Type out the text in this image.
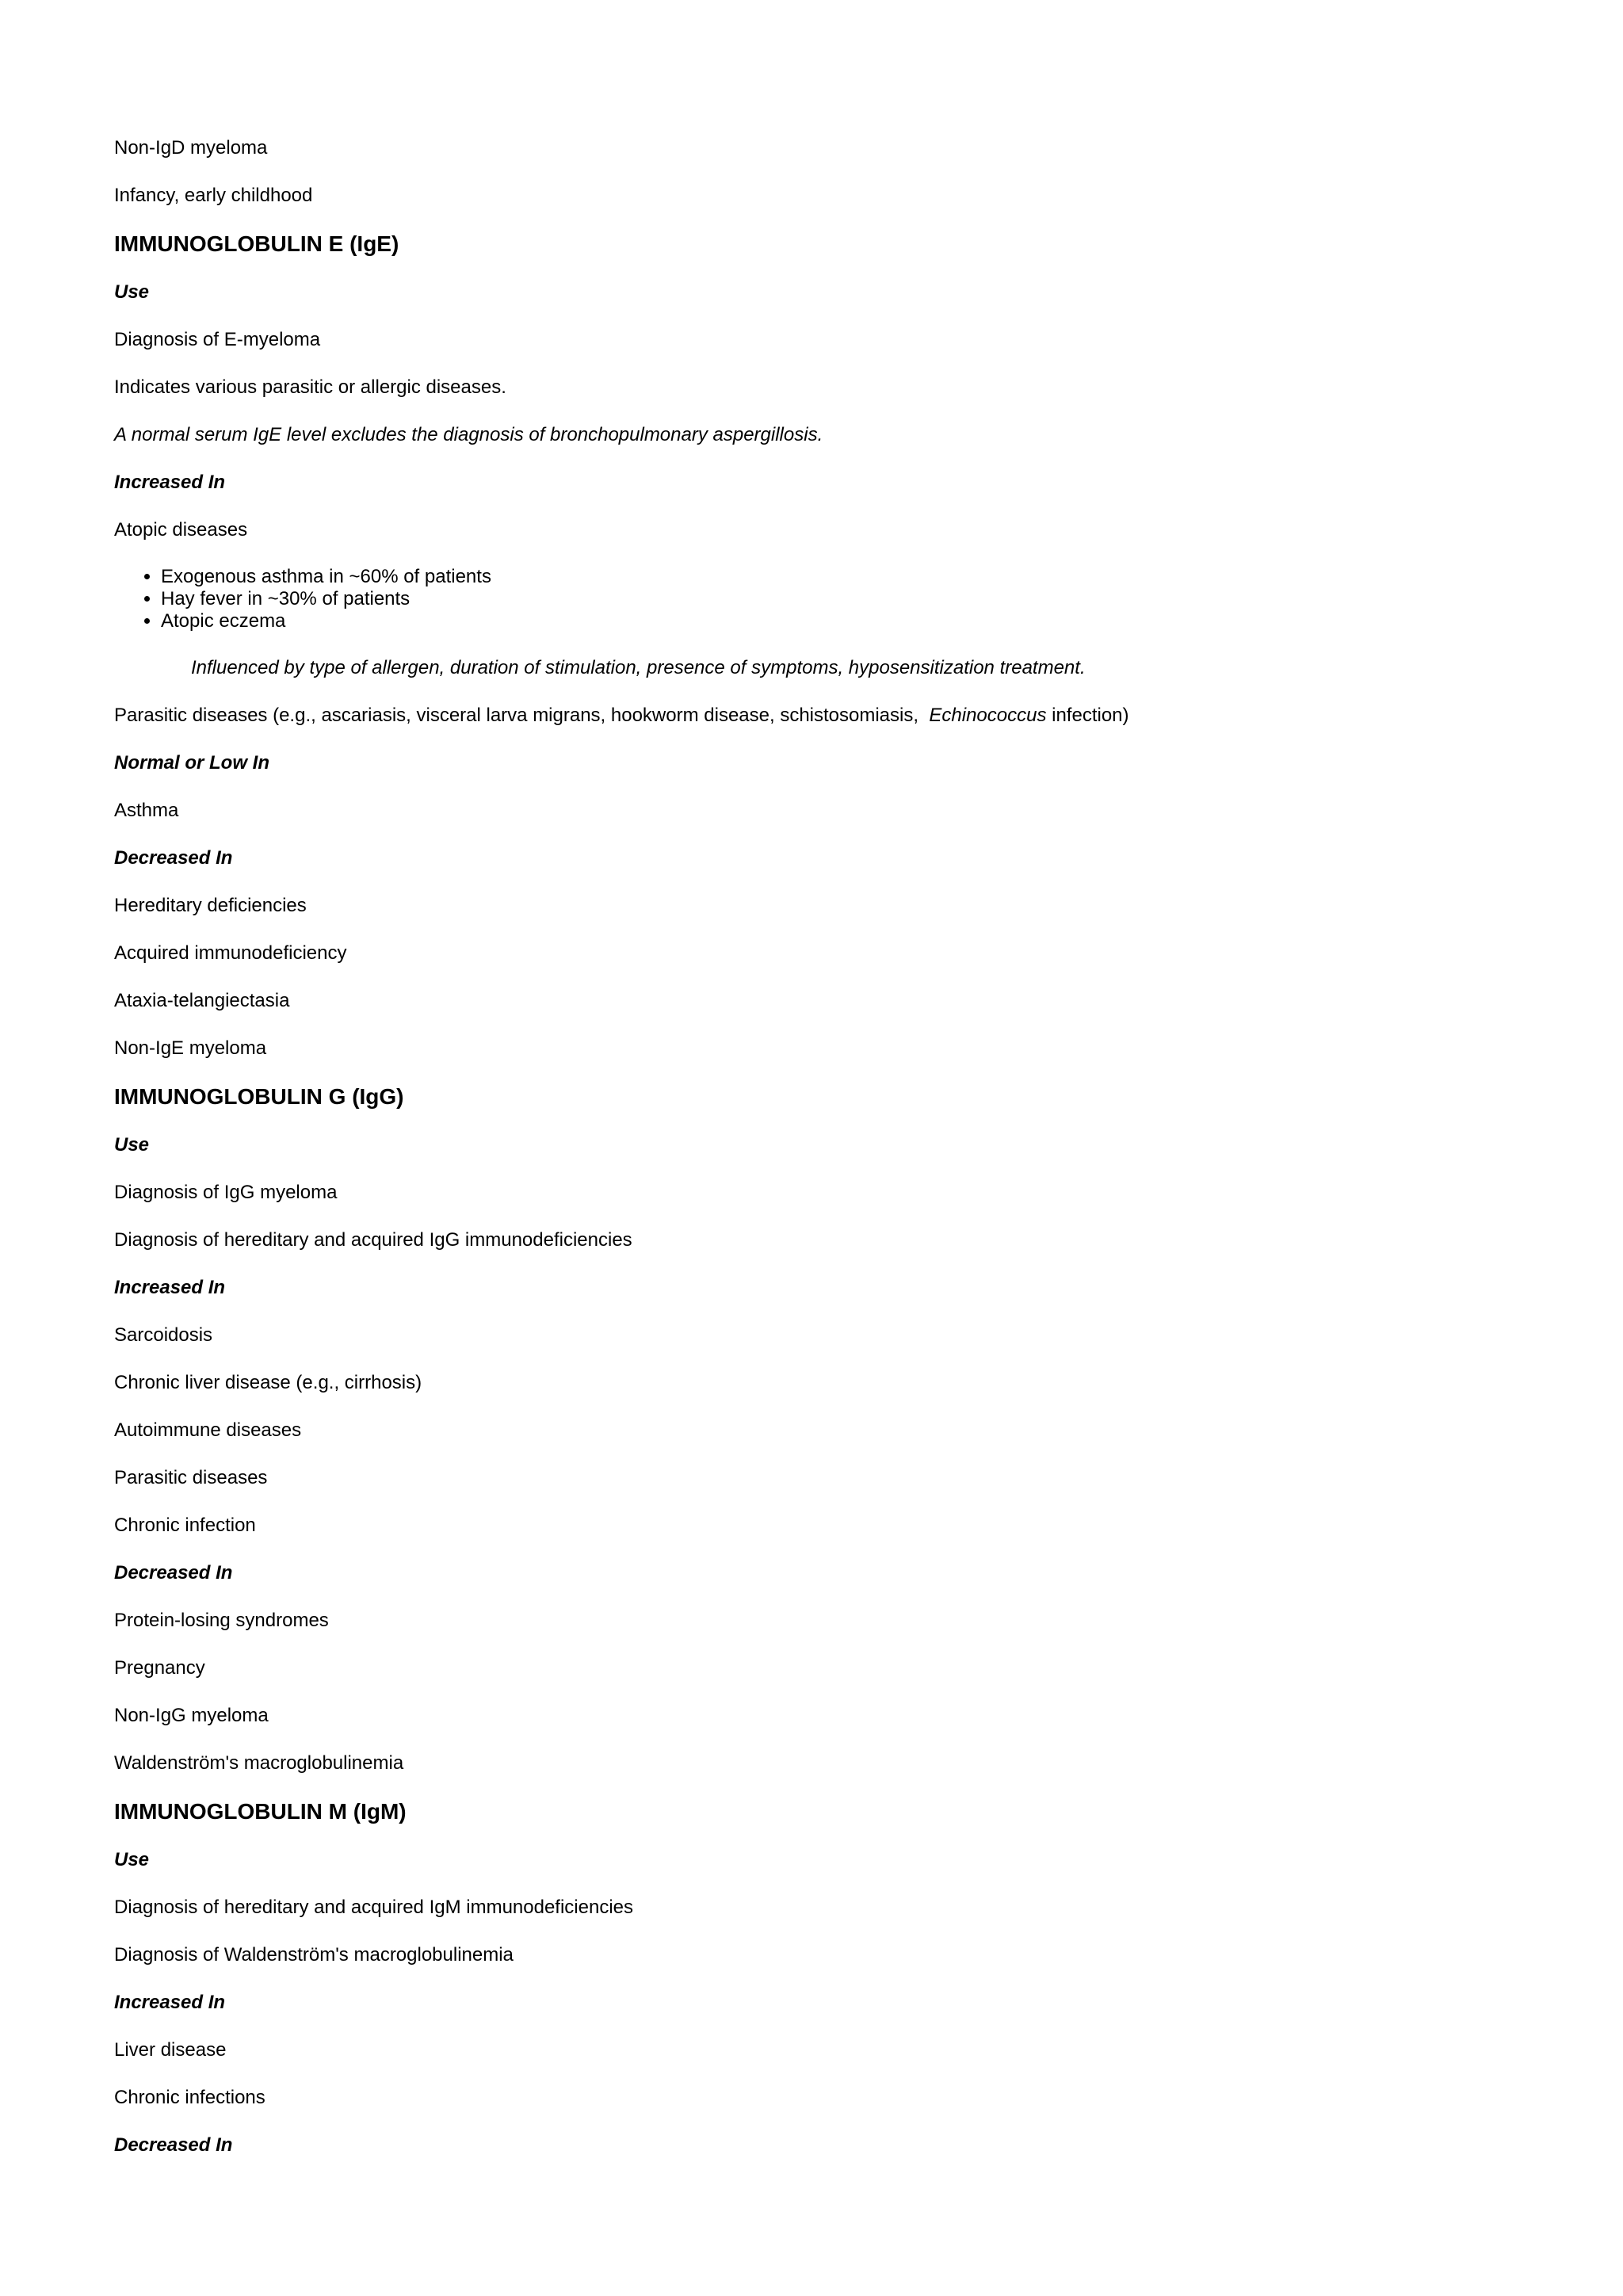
Non-IgD myeloma

Infancy, early childhood

IMMUNOGLOBULIN E (IgE)

Use

Diagnosis of E-myeloma

Indicates various parasitic or allergic diseases.

A normal serum IgE level excludes the diagnosis of bronchopulmonary aspergillosis.

Increased In

Atopic diseases

• Exogenous asthma in ~60% of patients
• Hay fever in ~30% of patients
• Atopic eczema

Influenced by type of allergen, duration of stimulation, presence of symptoms, hyposensitization treatment.

Parasitic diseases (e.g., ascariasis, visceral larva migrans, hookworm disease, schistosomiasis, Echinococcus infection)

Normal or Low In

Asthma

Decreased In

Hereditary deficiencies

Acquired immunodeficiency

Ataxia-telangiectasia

Non-IgE myeloma

IMMUNOGLOBULIN G (IgG)

Use

Diagnosis of IgG myeloma

Diagnosis of hereditary and acquired IgG immunodeficiencies

Increased In

Sarcoidosis

Chronic liver disease (e.g., cirrhosis)

Autoimmune diseases

Parasitic diseases

Chronic infection

Decreased In

Protein-losing syndromes

Pregnancy

Non-IgG myeloma

Waldenström's macroglobulinemia

IMMUNOGLOBULIN M (IgM)

Use

Diagnosis of hereditary and acquired IgM immunodeficiencies

Diagnosis of Waldenström's macroglobulinemia

Increased In

Liver disease

Chronic infections

Decreased In
